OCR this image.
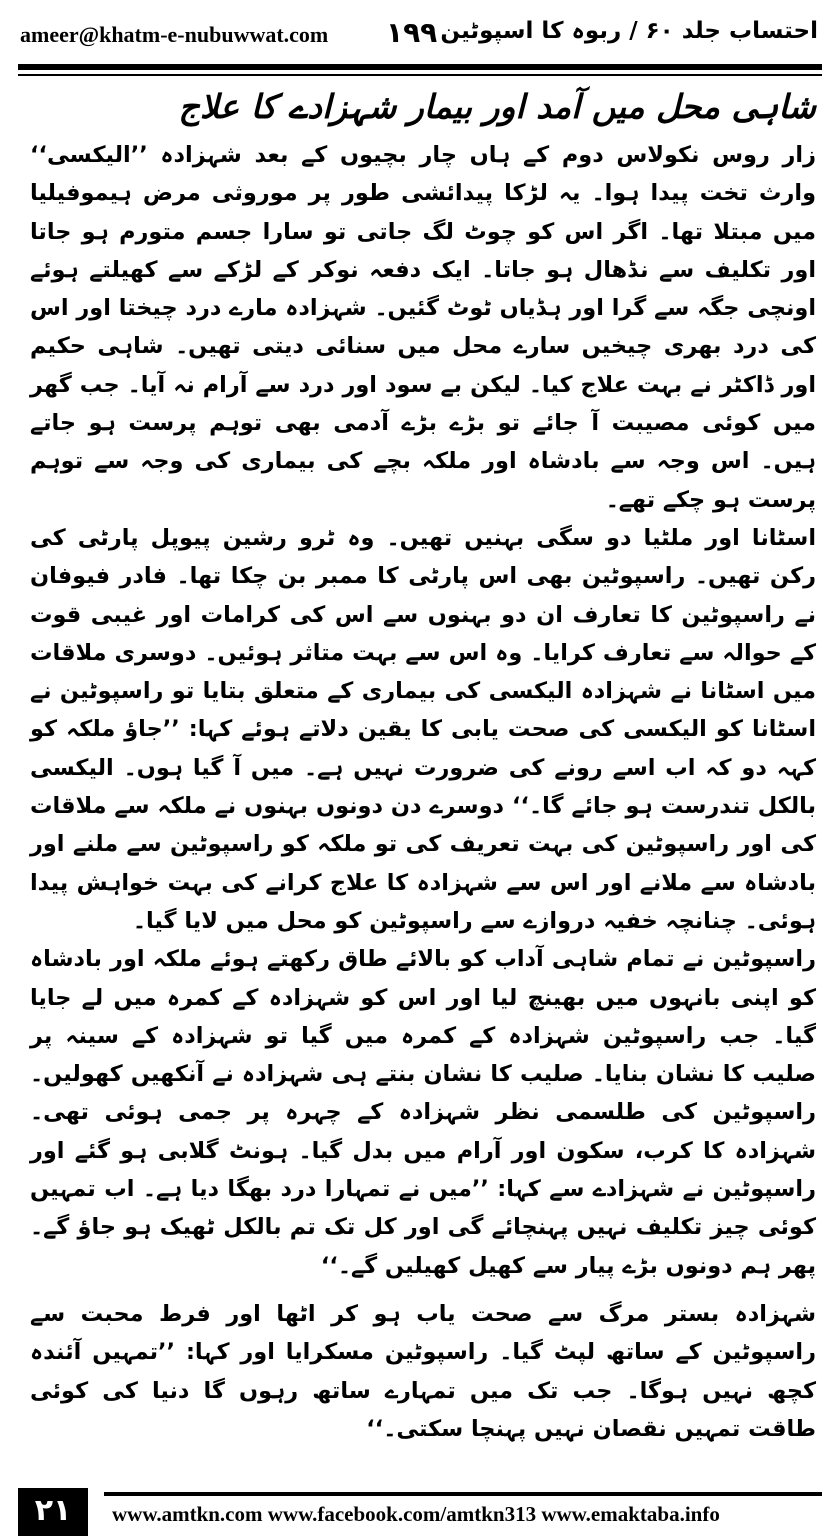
ameer@khatm-e-nubuwwat.com ۱۹۹ احتساب جلد ۶۰ / ربوہ کا اسپوٹین
شاہی محل میں آمد اور بیمار شہزادے کا علاج

زار روس نکولاس دوم کے ہاں چار بچیوں کے بعد شہزادہ ’’الیکسی‘‘ وارث تخت پیدا ہوا۔ یہ لڑکا پیدائشی طور پر موروثی مرض ہیموفیلیا میں مبتلا تھا۔ اگر اس کو چوٹ لگ جاتی تو سارا جسم متورم ہو جاتا اور تکلیف سے نڈھال ہو جاتا۔ ایک دفعہ نوکر کے لڑکے سے کھیلتے ہوئے اونچی جگہ سے گرا اور ہڈیاں ٹوٹ گئیں۔ شہزادہ مارے درد چیختا اور اس کی درد بھری چیخیں سارے محل میں سنائی دیتی تھیں۔ شاہی حکیم اور ڈاکٹر نے بہت علاج کیا۔ لیکن بے سود اور درد سے آرام نہ آیا۔ جب گھر میں کوئی مصیبت آ جائے تو بڑے بڑے آدمی بھی توہم پرست ہو جاتے ہیں۔ اس وجہ سے بادشاہ اور ملکہ بچے کی بیماری کی وجہ سے توہم پرست ہو چکے تھے۔

اسٹانا اور ملٹیا دو سگی بہنیں تھیں۔ وہ ٹرو رشین پیوپل پارٹی کی رکن تھیں۔ راسپوٹین بھی اس پارٹی کا ممبر بن چکا تھا۔ فادر فیوفان نے راسپوٹین کا تعارف ان دو بہنوں سے اس کی کرامات اور غیبی قوت کے حوالہ سے تعارف کرایا۔ وہ اس سے بہت متاثر ہوئیں۔ دوسری ملاقات میں اسٹانا نے شہزادہ الیکسی کی بیماری کے متعلق بتایا تو راسپوٹین نے اسٹانا کو الیکسی کی صحت یابی کا یقین دلاتے ہوئے کہا: ’’جاؤ ملکہ کو کہہ دو کہ اب اسے رونے کی ضرورت نہیں ہے۔ میں آ گیا ہوں۔ الیکسی بالکل تندرست ہو جائے گا۔‘‘ دوسرے دن دونوں بہنوں نے ملکہ سے ملاقات کی اور راسپوٹین کی بہت تعریف کی تو ملکہ کو راسپوٹین سے ملنے اور بادشاہ سے ملانے اور اس سے شہزادہ کا علاج کرانے کی بہت خواہش پیدا ہوئی۔ چنانچہ خفیہ دروازے سے راسپوٹین کو محل میں لایا گیا۔

راسپوٹین نے تمام شاہی آداب کو بالائے طاق رکھتے ہوئے ملکہ اور بادشاہ کو اپنی بانہوں میں بھینچ لیا اور اس کو شہزادہ کے کمرہ میں لے جایا گیا۔ جب راسپوٹین شہزادہ کے کمرہ میں گیا تو شہزادہ کے سینہ پر صلیب کا نشان بنایا۔ صلیب کا نشان بنتے ہی شہزادہ نے آنکھیں کھولیں۔ راسپوٹین کی طلسمی نظر شہزادہ کے چہرہ پر جمی ہوئی تھی۔ شہزادہ کا کرب، سکون اور آرام میں بدل گیا۔ ہونٹ گلابی ہو گئے اور راسپوٹین نے شہزادے سے کہا: ’’میں نے تمہارا درد بھگا دیا ہے۔ اب تمہیں کوئی چیز تکلیف نہیں پہنچائے گی اور کل تک تم بالکل ٹھیک ہو جاؤ گے۔ پھر ہم دونوں بڑے پیار سے کھیل کھیلیں گے۔‘‘

شہزادہ بستر مرگ سے صحت یاب ہو کر اٹھا اور فرط محبت سے راسپوٹین کے ساتھ لپٹ گیا۔ راسپوٹین مسکرایا اور کہا: ’’تمہیں آئندہ کچھ نہیں ہوگا۔ جب تک میں تمہارے ساتھ رہوں گا دنیا کی کوئی طاقت تمہیں نقصان نہیں پہنچا سکتی۔‘‘

۲۱	www.amtkn.com www.facebook.com/amtkn313 www.emaktaba.info
